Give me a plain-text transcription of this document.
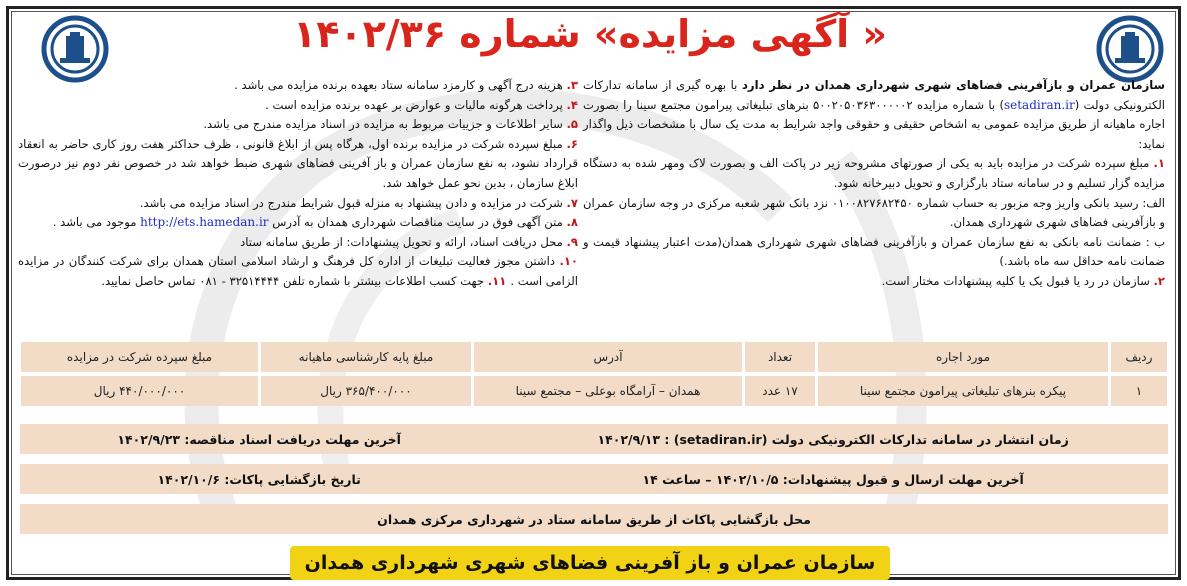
« آگهی مزایده» شماره ۱۴۰۲/۳۶

سازمان عمران و بازآفرینی فضاهای شهری شهرداری همدان در نظر دارد با بهره گیری از سامانه تدارکات الکترونیکی دولت (setadiran.ir) با شماره مزایده ۵۰۰۲۰۵۰۳۶۳۰۰۰۰۰۲ بنرهای تبلیغاتی پیرامون مجتمع سینا را بصورت اجاره ماهیانه از طریق مزایده عمومی به اشخاص حقیقی و حقوقی واجد شرایط به مدت یک سال با مشخصات ذیل واگذار نماید:

۱. مبلغ سپرده شرکت در مزایده باید به یکی از صورتهای مشروحه زیر در پاکت الف و بصورت لاک ومهر شده به دستگاه مزایده گزار تسلیم و در سامانه ستاد بارگزاری و تحویل دبیرخانه شود.

الف: رسید بانکی واریز وجه مزبور به حساب شماره ۰۱۰۰۸۲۷۶۸۲۴۵۰ نزد بانک شهر شعبه مرکزی در وجه سازمان عمران و بازآفرینی فضاهای شهری شهرداری همدان.

ب : ضمانت نامه بانکی به نفع سازمان عمران و بازآفرینی فضاهای شهری شهرداری همدان(مدت اعتبار پیشنهاد قیمت و ضمانت نامه حداقل سه ماه باشد.)

۲. سازمان در رد یا قبول یک یا کلیه پیشنهادات مختار است.

۳. هزینه درج آگهی و کارمزد سامانه ستاد بعهده برنده مزایده می باشد .

۴. پرداخت هرگونه مالیات و عوارض بر عهده برنده مزایده است .

۵. سایر اطلاعات و جزییات مربوط به مزایده در اسناد مزایده مندرج می باشد.

۶. مبلغ سپرده شرکت در مزایده برنده اول، هرگاه پس از ابلاغ قانونی ، ظرف حداکثر هفت روز کاری حاضر به انعقاد قرارداد نشود، به نفع سازمان عمران و باز آفرینی فضاهای شهری ضبط خواهد شد در خصوص نفر دوم نیز درصورت ابلاغ سازمان ، بدین نحو عمل خواهد شد.

۷. شرکت در مزایده و دادن پیشنهاد به منزله قبول شرایط مندرج در اسناد مزایده می باشد.

۸. متن آگهی فوق در سایت مناقصات شهرداری همدان به آدرس http://ets.hamedan.ir موجود می باشد .

۹. محل دریافت اسناد، ارائه و تحویل پیشنهادات: از طریق سامانه ستاد

۱۰. داشتن مجوز فعالیت تبلیغات از اداره کل فرهنگ و ارشاد اسلامی استان همدان برای شرکت کنندگان در مزایده الزامی است . ۱۱. جهت کسب اطلاعات بیشتر با شماره تلفن ۳۲۵۱۴۴۴۴ - ۰۸۱ تماس حاصل نمایید.

ردیف	مورد اجاره	تعداد	آدرس	مبلغ پایه کارشناسی ماهیانه	مبلغ سپرده شرکت در مزایده
۱	پیکره بنرهای تبلیغاتی پیرامون مجتمع سینا	۱۷ عدد	همدان – آرامگاه بوعلی – مجتمع سینا	۳۶۵/۴۰۰/۰۰۰ ریال	۴۴۰/۰۰۰/۰۰۰ ریال
زمان انتشار در سامانه تدارکات الکترونیکی دولت (setadiran.ir) : ۱۴۰۲/۹/۱۳
آخرین مهلت دریافت اسناد مناقصه: ۱۴۰۲/۹/۲۳
آخرین مهلت ارسال و قبول پیشنهادات: ۱۴۰۲/۱۰/۵ – ساعت ۱۴
تاریخ بازگشایی پاکات: ۱۴۰۲/۱۰/۶
محل بازگشایی پاکات از طریق سامانه ستاد در شهرداری مرکزی همدان
سازمان عمران و باز آفرینی فضاهای شهری شهرداری همدان
